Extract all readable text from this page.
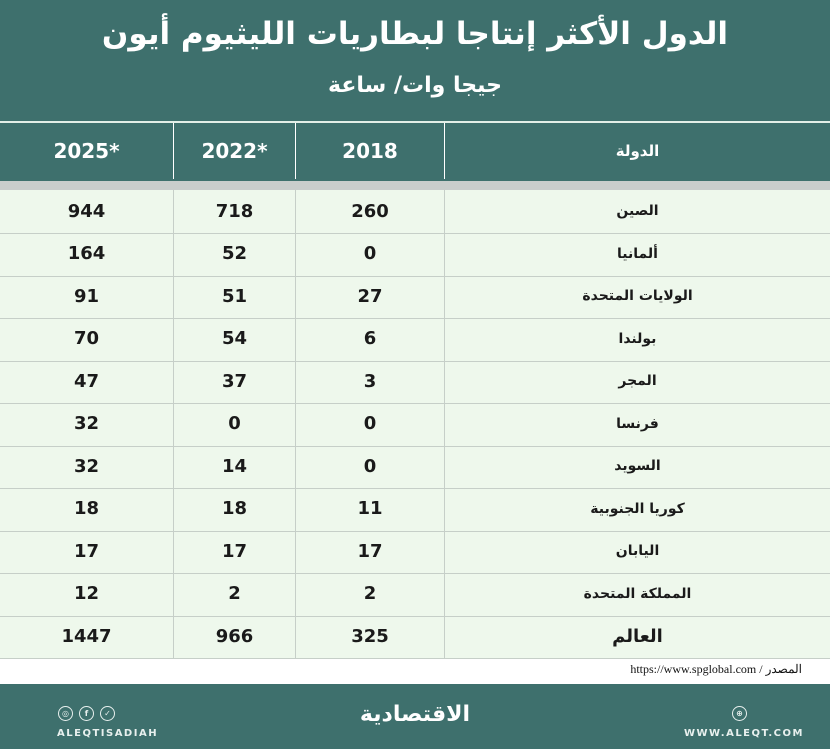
الدول الأكثر إنتاجا لبطاريات الليثيوم أيون
جيجا وات/ ساعة
2025*	2022*	2018	الدولة
944	718	260	الصين
164	52	0	ألمانيا
91	51	27	الولايات المتحدة
70	54	6	بولندا
47	37	3	المجر
32	0	0	فرنسا
32	14	0	السويد
18	18	11	كوريا الجنوبية
17	17	17	اليابان
12	2	2	المملكة المتحدة
1447	966	325	العالم
المصدر / https://www.spglobal.com
◎	f	✓
ALEQTISADIAH
الاقتصادية	⊕
WWW.ALEQT.COM
